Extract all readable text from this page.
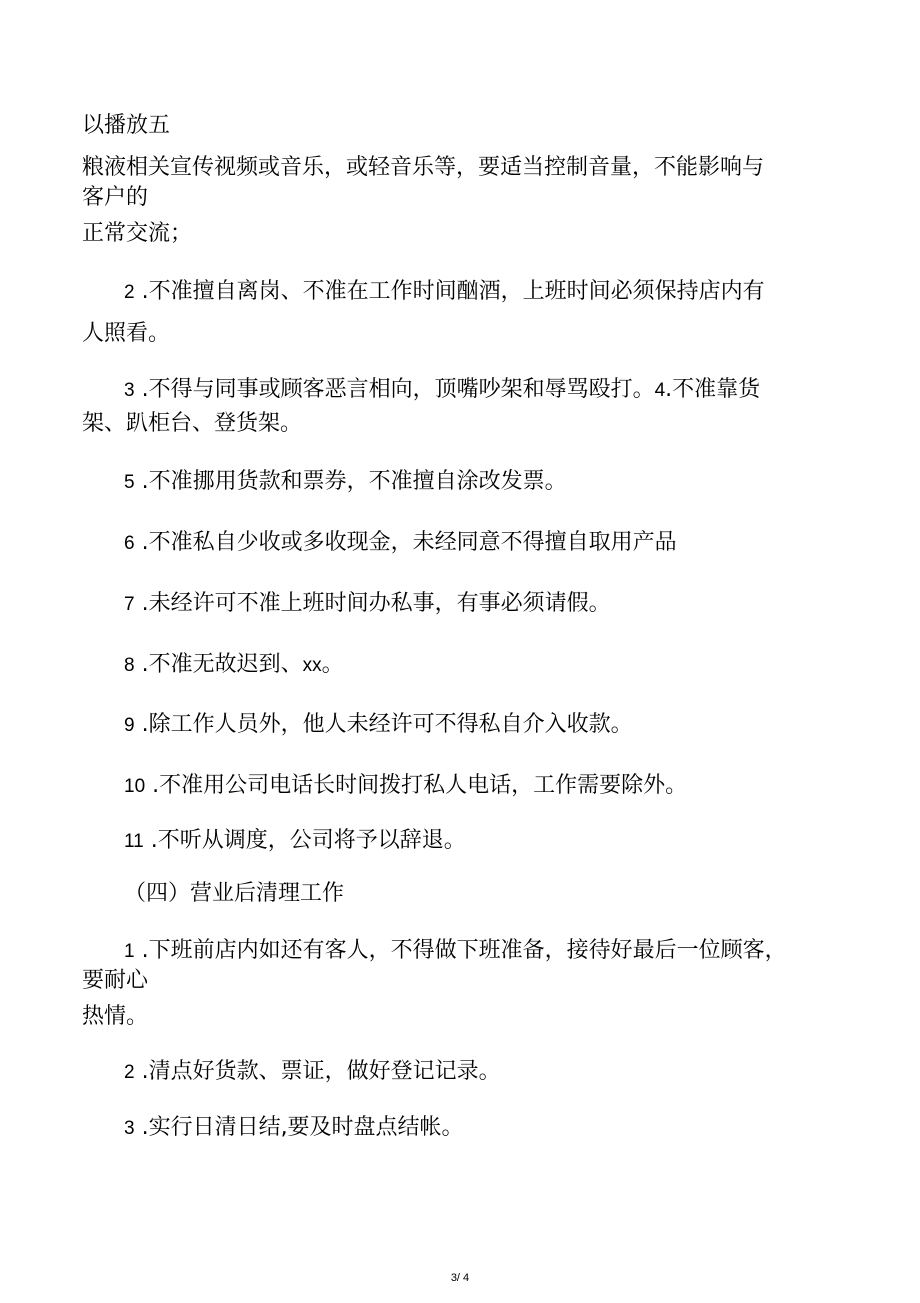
以播放五
粮液相关宣传视频或音乐，或轻音乐等，要适当控制音量，不能影响与
客户的
正常交流；
2 .不准擅自离岗、不准在工作时间酗酒，上班时间必须保持店内有
人照看。
3 .不得与同事或顾客恶言相向，顶嘴吵架和辱骂殴打。4.不准靠货
架、趴柜台、登货架。
5 .不准挪用货款和票券，不准擅自涂改发票。
6 .不准私自少收或多收现金，未经同意不得擅自取用产品
7 .未经许可不准上班时间办私事，有事必须请假。
8 .不准无故迟到、xx。
9 .除工作人员外，他人未经许可不得私自介入收款。
10 .不准用公司电话长时间拨打私人电话，工作需要除外。
11 .不听从调度，公司将予以辞退。
（四）营业后清理工作
1 .下班前店内如还有客人，不得做下班准备，接待好最后一位顾客，
要耐心
热情。
2 .清点好货款、票证，做好登记记录。
3 .实行日清日结,要及时盘点结帐。
3/ 4
